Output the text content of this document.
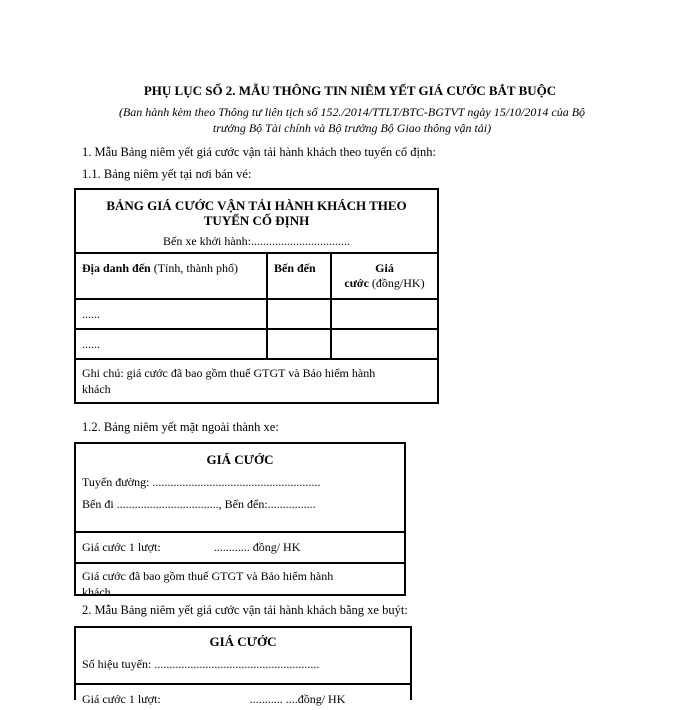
PHỤ LỤC SỐ 2. MẪU THÔNG TIN NIÊM YẾT GIÁ CƯỚC BẮT BUỘC
(Ban hành kèm theo Thông tư liên tịch số 152./2014/TTLT/BTC-BGTVT ngày 15/10/2014 của Bộ
trưởng Bộ Tài chính và Bộ trưởng Bộ Giao thông vận tải)
1. Mẫu Bảng niêm yết giá cước vận tải hành khách theo tuyến cố định:
1.1. Bảng niêm yết tại nơi bán vé:
BẢNG GIÁ CƯỚC VẬN TẢI HÀNH KHÁCH THEO
TUYẾN CỐ ĐỊNH
Bến xe khởi hành:.................................		

Địa danh đến (Tỉnh, thành phố)	Bến đến	Giá
cước (đồng/HK)

......		
......		

Ghi chú: giá cước đã bao gồm thuế GTGT và Bảo hiểm hành
khách		
1.2. Bảng niêm yết mặt ngoài thành xe:
GIÁ CƯỚC
Tuyến đường: ........................................................
Bến đi .................................., Bến đến:................
Giá cước 1 lượt:	............ đồng/ HK
Giá cước đã bao gồm thuế GTGT và Bảo hiểm hành
khách
2. Mẫu Bảng niêm yết giá cước vận tải hành khách bằng xe buýt:
GIÁ CƯỚC
Số hiệu tuyến: .......................................................
Giá cước 1 lượt:	........... ....đồng/ HK
